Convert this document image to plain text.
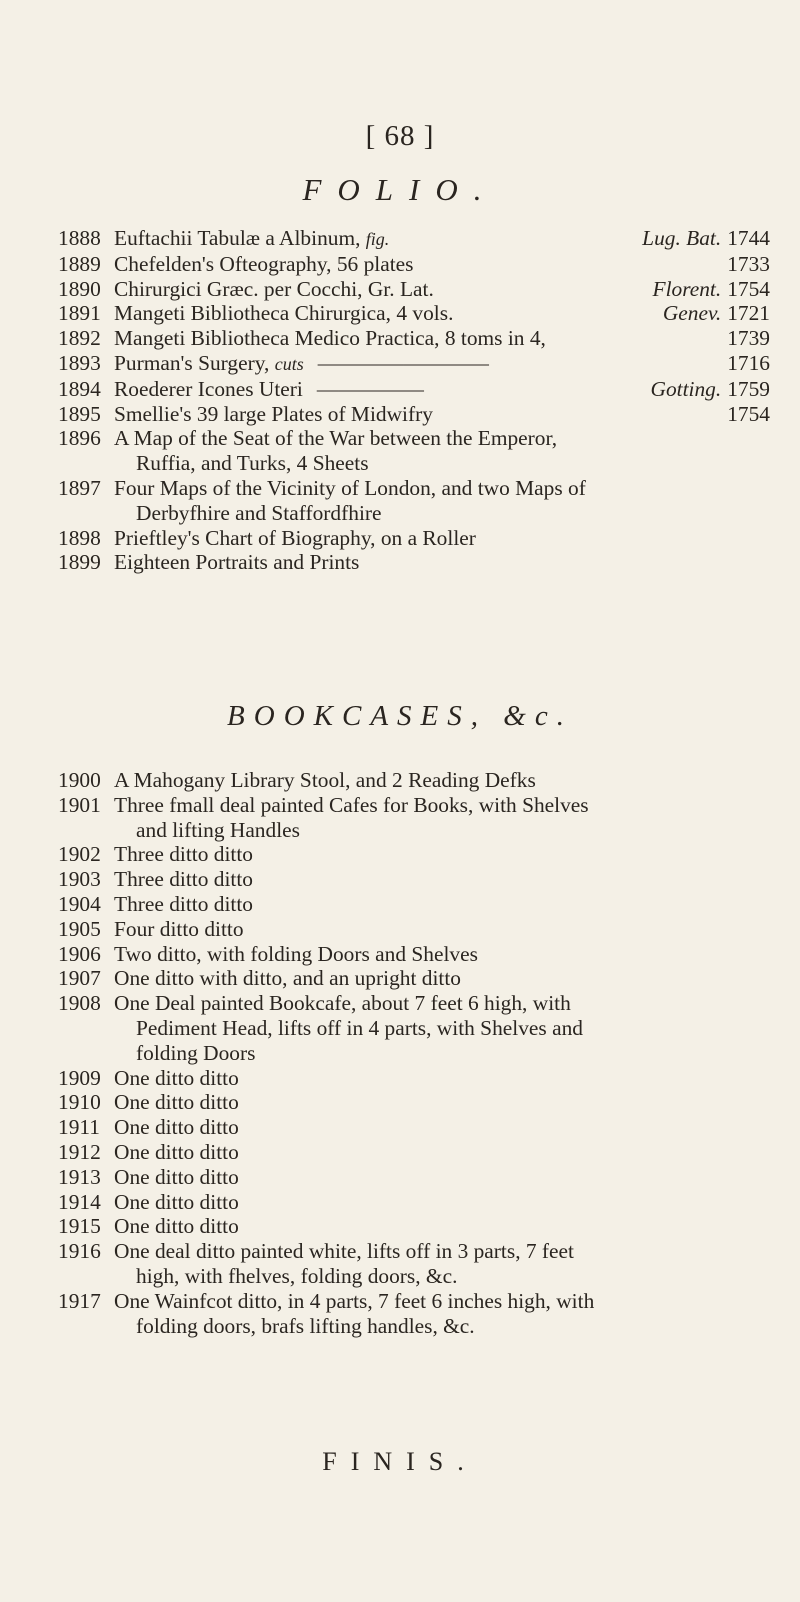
[ 68 ]
FOLIO.
1888 Euftachii Tabulæ a Albinum, fig.	Lug. Bat. 1744
1889 Chefelden's Ofteography, 56 plates	1733
1890 Chirurgici Græc. per Cocchi, Gr. Lat.	Florent. 1754
1891 Mangeti Bibliotheca Chirurgica, 4 vols.	Genev. 1721
1892 Mangeti Bibliotheca Medico Practica, 8 toms in 4,	1739
1893 Purman's Surgery, cuts ————————	1716
1894 Roederer Icones Uteri —————	Gotting. 1759
1895 Smellie's 39 large Plates of Midwifry	1754
1896 A Map of the Seat of the War between the Emperor,
Ruffia, and Turks, 4 Sheets
1897 Four Maps of the Vicinity of London, and two Maps of
Derbyfhire and Staffordfhire
1898 Prieftley's Chart of Biography, on a Roller
1899 Eighteen Portraits and Prints
BOOKCASES, &c.
1900 A Mahogany Library Stool, and 2 Reading Defks
1901 Three fmall deal painted Cafes for Books, with Shelves
and lifting Handles
1902 Three ditto ditto
1903 Three ditto ditto
1904 Three ditto ditto
1905 Four ditto ditto
1906 Two ditto, with folding Doors and Shelves
1907 One ditto with ditto, and an upright ditto
1908 One Deal painted Bookcafe, about 7 feet 6 high, with
Pediment Head, lifts off in 4 parts, with Shelves and
folding Doors
1909 One ditto ditto
1910 One ditto ditto
1911 One ditto ditto
1912 One ditto ditto
1913 One ditto ditto
1914 One ditto ditto
1915 One ditto ditto
1916 One deal ditto painted white, lifts off in 3 parts, 7 feet
high, with fhelves, folding doors, &c.
1917 One Wainfcot ditto, in 4 parts, 7 feet 6 inches high, with
folding doors, brafs lifting handles, &c.
FINIS.
